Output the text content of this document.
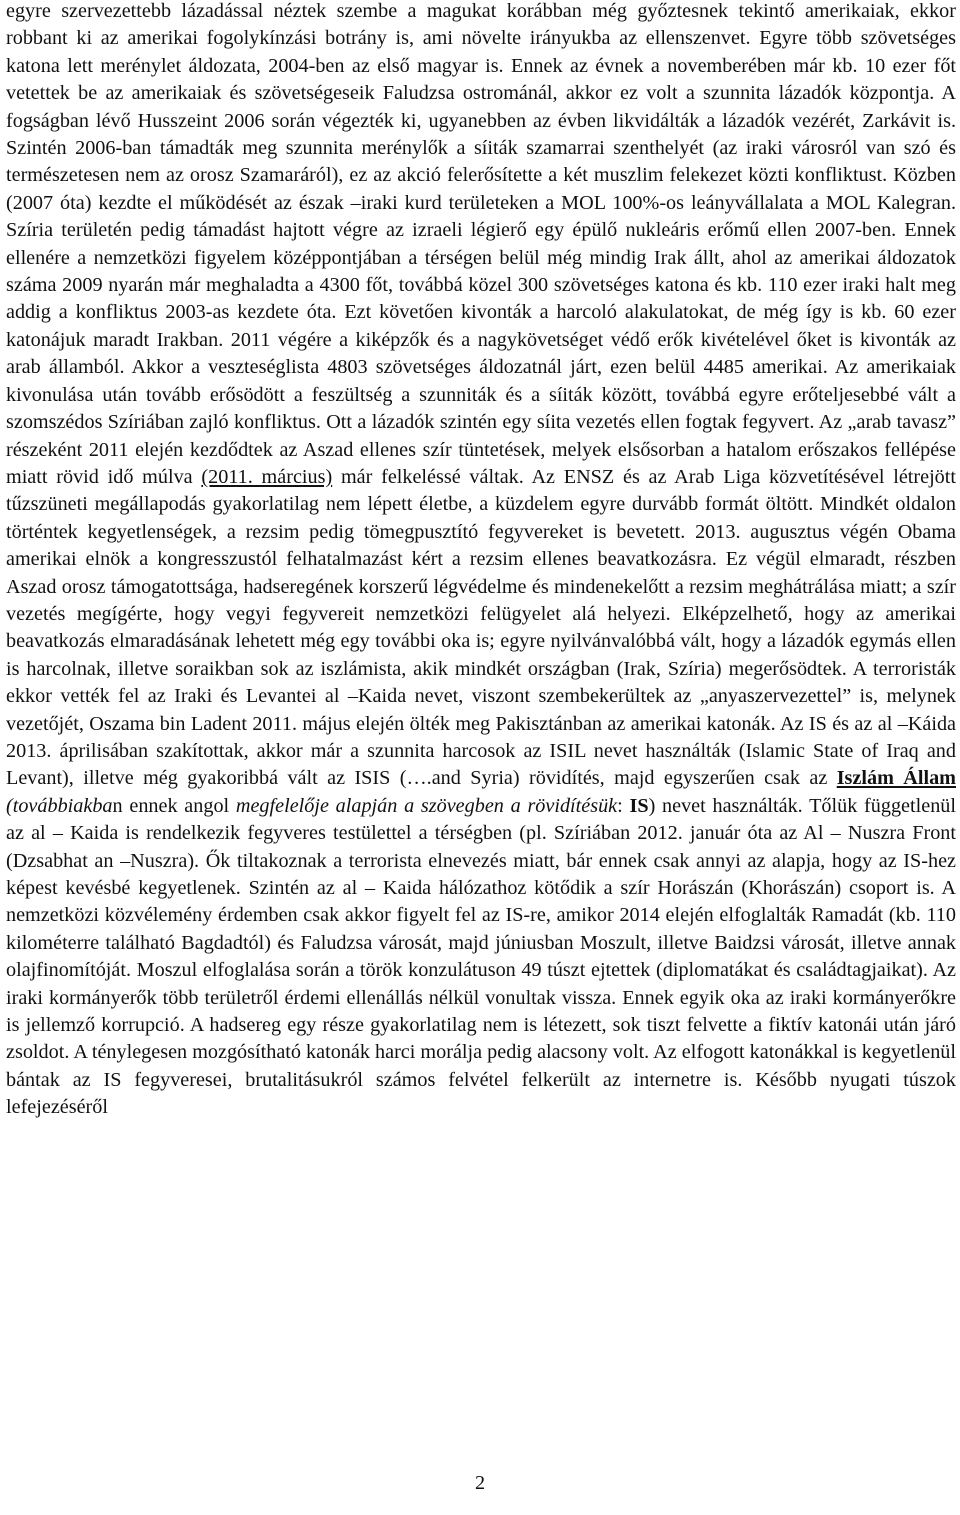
egyre szervezettebb lázadással néztek szembe a magukat korábban még győztesnek tekintő amerikaiak, ekkor robbant ki az amerikai fogolykínzási botrány is, ami növelte irányukba az ellenszenvet. Egyre több szövetséges katona lett merénylet áldozata, 2004-ben az első magyar is. Ennek az évnek a novemberében már kb. 10 ezer főt vetettek be az amerikaiak és szövetségeseik Faludzsa ostrománál, akkor ez volt a szunnita lázadók központja. A fogságban lévő Husszeint 2006 során végezték ki, ugyanebben az évben likvidálták a lázadók vezérét, Zarkávit is. Szintén 2006-ban támadták meg szunnita merénylők a síiták szamarrai szenthelyét (az iraki városról van szó és természetesen nem az orosz Szamaráról), ez az akció felerősítette a két muszlim felekezet közti konfliktust. Közben (2007 óta) kezdte el működését az észak –iraki kurd területeken a MOL 100%-os leányvállalata a MOL Kalegran. Szíria területén pedig támadást hajtott végre az izraeli légierő egy épülő nukleáris erőmű ellen 2007-ben. Ennek ellenére a nemzetközi figyelem középpontjában a térségen belül még mindig Irak állt, ahol az amerikai áldozatok száma 2009 nyarán már meghaladta a 4300 főt, továbbá közel 300 szövetséges katona és kb. 110 ezer iraki halt meg addig a konfliktus 2003-as kezdete óta. Ezt követően kivonták a harcoló alakulatokat, de még így is kb. 60 ezer katonájuk maradt Irakban. 2011 végére a kiképzők és a nagykövetséget védő erők kivételével őket is kivonták az arab államból. Akkor a veszteséglista 4803 szövetséges áldozatnál járt, ezen belül 4485 amerikai. Az amerikaiak kivonulása után tovább erősödött a feszültség a szunniták és a síiták között, továbbá egyre erőteljesebbé vált a szomszédos Szíriában zajló konfliktus. Ott a lázadók szintén egy síita vezetés ellen fogtak fegyvert. Az „arab tavasz” részeként 2011 elején kezdődtek az Aszad ellenes szír tüntetések, melyek elsősorban a hatalom erőszakos fellépése miatt rövid idő múlva (2011. március) már felkeléssé váltak. Az ENSZ és az Arab Liga közvetítésével létrejött tűzszüneti megállapodás gyakorlatilag nem lépett életbe, a küzdelem egyre durvább formát öltött. Mindkét oldalon történtek kegyetlenségek, a rezsim pedig tömegpusztító fegyvereket is bevetett. 2013. augusztus végén Obama amerikai elnök a kongresszustól felhatalmazást kért a rezsim ellenes beavatkozásra. Ez végül elmaradt, részben Aszad orosz támogatottsága, hadseregének korszerű légvédelme és mindenekelőtt a rezsim meghátrálása miatt; a szír vezetés megígérte, hogy vegyi fegyvereit nemzetközi felügyelet alá helyezi. Elképzelhető, hogy az amerikai beavatkozás elmaradásának lehetett még egy további oka is; egyre nyilvánvalóbbá vált, hogy a lázadók egymás ellen is harcolnak, illetve soraikban sok az iszlámista, akik mindkét országban (Irak, Szíria) megerősödtek. A terroristák ekkor vették fel az Iraki és Levantei al –Kaida nevet, viszont szembekerültek az „anyaszervezettel” is, melynek vezetőjét, Oszama bin Ladent 2011. május elején ölték meg Pakisztánban az amerikai katonák. Az IS és az al –Káida 2013. áprilisában szakítottak, akkor már a szunnita harcosok az ISIL nevet használták (Islamic State of Iraq and Levant), illetve még gyakoribbá vált az ISIS (….and Syria) rövidítés, majd egyszerűen csak az Iszlám Állam (továbbiakban ennek angol megfelelője alapján a szövegben a rövidítésük: IS) nevet használták. Tőlük függetlenül az al – Kaida is rendelkezik fegyveres testülettel a térségben (pl. Szíriában 2012. január óta az Al – Nuszra Front (Dzsabhat an –Nuszra). Ők tiltakoznak a terrorista elnevezés miatt, bár ennek csak annyi az alapja, hogy az IS-hez képest kevésbé kegyetlenek. Szintén az al – Kaida hálózathoz kötődik a szír Horászán (Khorászán) csoport is. A nemzetközi közvélemény érdemben csak akkor figyelt fel az IS-re, amikor 2014 elején elfoglalták Ramadát (kb. 110 kilométerre található Bagdadtól) és Faludzsa városát, majd júniusban Moszult, illetve Baidzsi városát, illetve annak olajfinomítóját. Moszul elfoglalása során a török konzulátuson 49 túszt ejtettek (diplomatákat és családtagjaikat). Az iraki kormányerők több területről érdemi ellenállás nélkül vonultak vissza. Ennek egyik oka az iraki kormányerőkre is jellemző korrupció. A hadsereg egy része gyakorlatilag nem is létezett, sok tiszt felvette a fiktív katonái után járó zsoldot. A ténylegesen mozgósítható katonák harci morálja pedig alacsony volt. Az elfogott katonákkal is kegyetlenül bántak az IS fegyveresei, brutalitásukról számos felvétel felkerült az internetre is. Később nyugati túszok lefejezéséről

2
